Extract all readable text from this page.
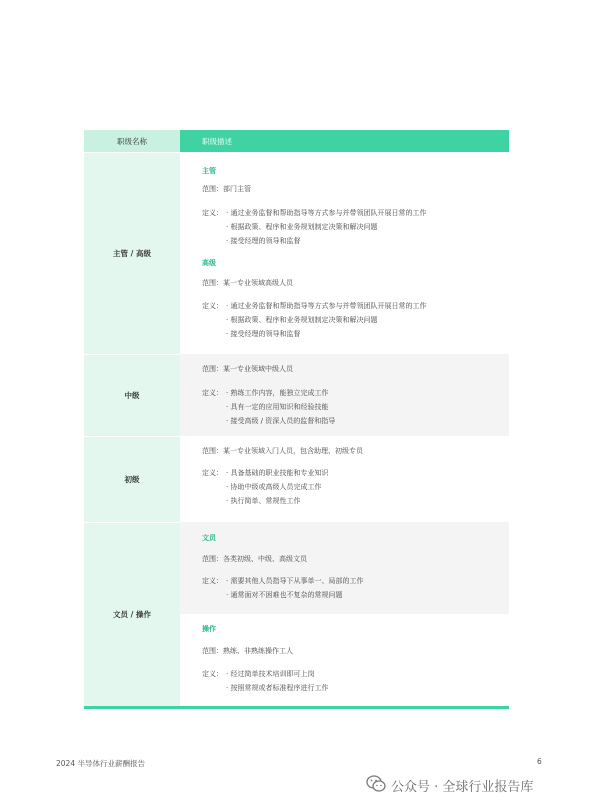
职级名称	职级描述
主管 / 高级
主管
范围：部门主管
定义： · 通过业务监督和帮助指导等方式参与并带领团队开展日常的工作
· 根据政策、程序和业务规划制定决策和解决问题
· 接受经理的领导和监督
高级
范围：某一专业领域高级人员
定义： · 通过业务监督和帮助指导等方式参与并带领团队开展日常的工作
· 根据政策、程序和业务规划制定决策和解决问题
· 接受经理的领导和监督
中级
范围：某一专业领域中级人员
定义： · 熟练工作内容，能独立完成工作
· 具有一定的应用知识和经验技能
· 接受高级 / 资深人员的监督和指导
初级
范围：某一专业领域入门人员，包含助理、初级专员
定义： · 具备基础的职业技能和专业知识
· 协助中级或高级人员完成工作
· 执行简单、常规性工作
文员 / 操作
文员
范围：各类初级、中级、高级文员
定义： · 需要其他人员指导下从事单一、局部的工作
· 通常面对不困难也不复杂的常规问题
操作
范围：熟练、非熟练操作工人
定义： · 经过简单技术培训即可上岗
· 按照常规或者标准程序进行工作
2024 半导体行业薪酬报告	6
公众号 · 全球行业报告库
